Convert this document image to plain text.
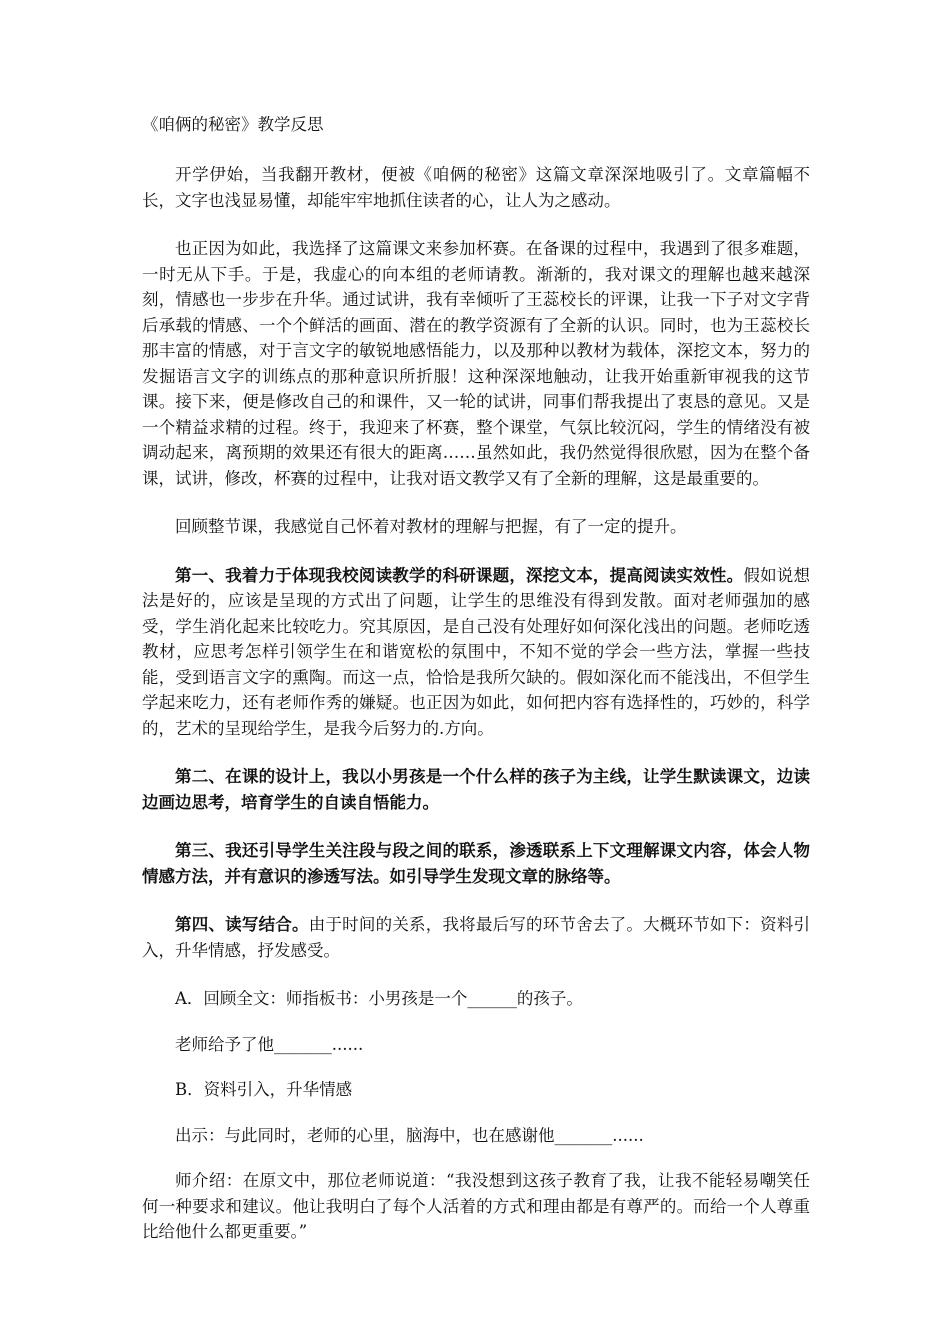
《咱俩的秘密》教学反思

开学伊始，当我翻开教材，便被《咱俩的秘密》这篇文章深深地吸引了。文章篇幅不长，文字也浅显易懂，却能牢牢地抓住读者的心，让人为之感动。

也正因为如此，我选择了这篇课文来参加杯赛。在备课的过程中，我遇到了很多难题，一时无从下手。于是，我虚心的向本组的老师请教。渐渐的，我对课文的理解也越来越深刻，情感也一步步在升华。通过试讲，我有幸倾听了王蕊校长的评课，让我一下子对文字背后承载的情感、一个个鲜活的画面、潜在的教学资源有了全新的认识。同时，也为王蕊校长那丰富的情感，对于言文字的敏锐地感悟能力，以及那种以教材为载体，深挖文本，努力的发掘语言文字的训练点的那种意识所折服！这种深深地触动，让我开始重新审视我的这节课。接下来，便是修改自己的和课件，又一轮的试讲，同事们帮我提出了衷恳的意见。又是一个精益求精的过程。终于，我迎来了杯赛，整个课堂，气氛比较沉闷，学生的情绪没有被调动起来，离预期的效果还有很大的距离……虽然如此，我仍然觉得很欣慰，因为在整个备课，试讲，修改，杯赛的过程中，让我对语文教学又有了全新的理解，这是最重要的。

回顾整节课，我感觉自己怀着对教材的理解与把握，有了一定的提升。

第一、我着力于体现我校阅读教学的科研课题，深挖文本，提高阅读实效性。假如说想法是好的，应该是呈现的方式出了问题，让学生的思维没有得到发散。面对老师强加的感受，学生消化起来比较吃力。究其原因，是自己没有处理好如何深化浅出的问题。老师吃透教材，应思考怎样引领学生在和谐宽松的氛围中，不知不觉的学会一些方法，掌握一些技能，受到语言文字的熏陶。而这一点，恰恰是我所欠缺的。假如深化而不能浅出，不但学生学起来吃力，还有老师作秀的嫌疑。也正因为如此，如何把内容有选择性的，巧妙的，科学的，艺术的呈现给学生，是我今后努力的.方向。

第二、在课的设计上，我以小男孩是一个什么样的孩子为主线，让学生默读课文，边读边画边思考，培育学生的自读自悟能力。

第三、我还引导学生关注段与段之间的联系，渗透联系上下文理解课文内容，体会人物情感方法，并有意识的渗透写法。如引导学生发现文章的脉络等。

第四、读写结合。由于时间的关系，我将最后写的环节舍去了。大概环节如下：资料引入，升华情感，抒发感受。

A．回顾全文：师指板书：小男孩是一个______的孩子。

老师给予了他_______......

B．资料引入，升华情感

出示：与此同时，老师的心里，脑海中，也在感谢他_______......

师介绍：在原文中，那位老师说道：“我没想到这孩子教育了我，让我不能轻易嘲笑任何一种要求和建议。他让我明白了每个人活着的方式和理由都是有尊严的。而给一个人尊重比给他什么都更重要。”
